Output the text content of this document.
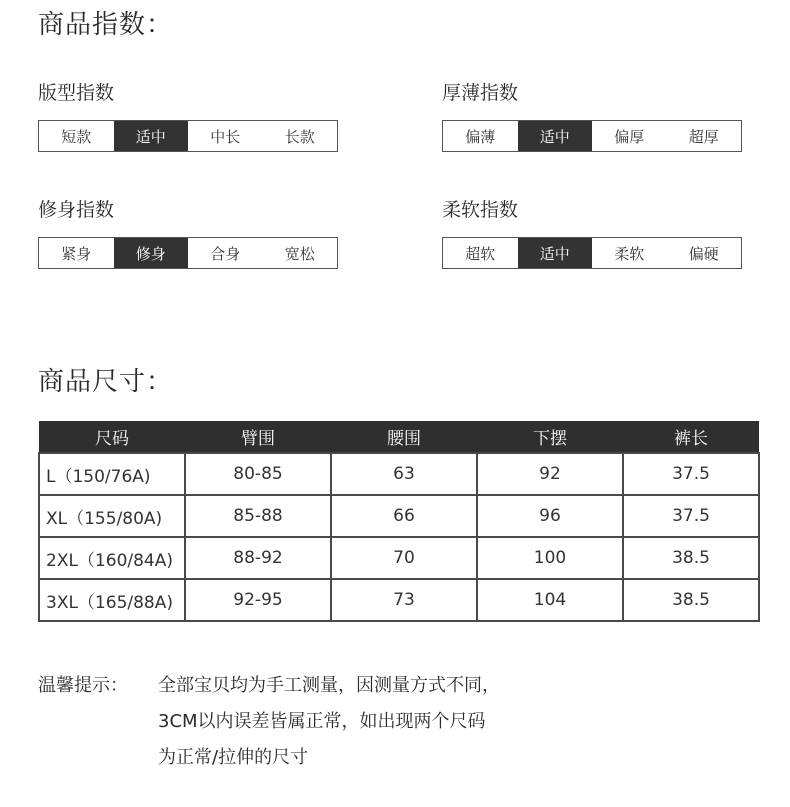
商品指数：
版型指数
短款	适中	中长	长款
厚薄指数
偏薄	适中	偏厚	超厚
修身指数
紧身	修身	合身	宽松
柔软指数
超软	适中	柔软	偏硬
商品尺寸：
尺码	臂围	腰围	下摆	裤长
L（150/76A)	80-85	63	92	37.5
XL（155/80A)	85-88	66	96	37.5
2XL（160/84A)	88-92	70	100	38.5
3XL（165/88A)	92-95	73	104	38.5
温馨提示： 全部宝贝均为手工测量，因测量方式不同，
3CM以内误差皆属正常，如出现两个尺码
为正常/拉伸的尺寸
